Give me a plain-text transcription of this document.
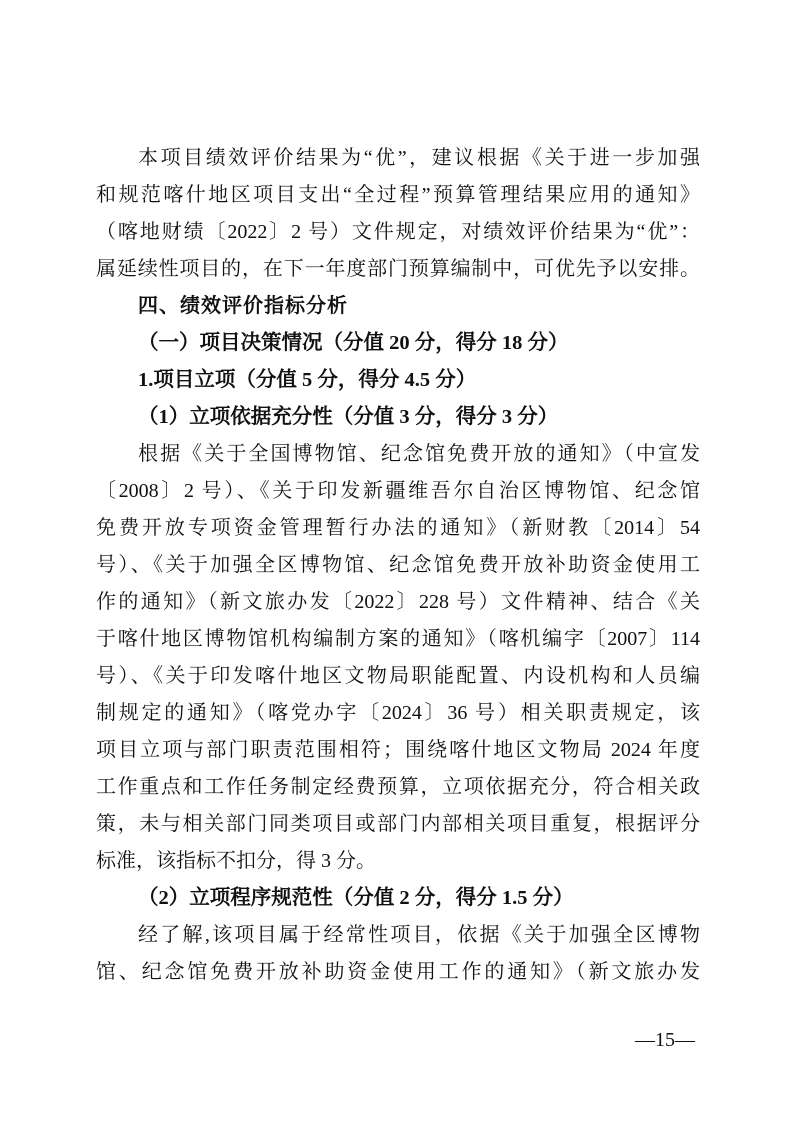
本项目绩效评价结果为“优”，建议根据《关于进一步加强
和规范喀什地区项目支出“全过程”预算管理结果应用的通知》
（喀地财绩〔2022〕2 号）文件规定，对绩效评价结果为“优”：
属延续性项目的，在下一年度部门预算编制中，可优先予以安排。
四、绩效评价指标分析
（一）项目决策情况（分值 20 分，得分 18 分）
1.项目立项（分值 5 分，得分 4.5 分）
（1）立项依据充分性（分值 3 分，得分 3 分）
根据《关于全国博物馆、纪念馆免费开放的通知》（中宣发
〔2008〕2 号）、《关于印发新疆维吾尔自治区博物馆、纪念馆
免费开放专项资金管理暂行办法的通知》（新财教〔2014〕54
号）、《关于加强全区博物馆、纪念馆免费开放补助资金使用工
作的通知》（新文旅办发〔2022〕228 号）文件精神、结合《关
于喀什地区博物馆机构编制方案的通知》（喀机编字〔2007〕114
号）、《关于印发喀什地区文物局职能配置、内设机构和人员编
制规定的通知》（喀党办字〔2024〕36 号）相关职责规定，该
项目立项与部门职责范围相符；围绕喀什地区文物局 2024 年度
工作重点和工作任务制定经费预算，立项依据充分，符合相关政
策，未与相关部门同类项目或部门内部相关项目重复，根据评分
标准，该指标不扣分，得 3 分。
（2）立项程序规范性（分值 2 分，得分 1.5 分）
经了解,该项目属于经常性项目，依据《关于加强全区博物
馆、纪念馆免费开放补助资金使用工作的通知》（新文旅办发
—15—
